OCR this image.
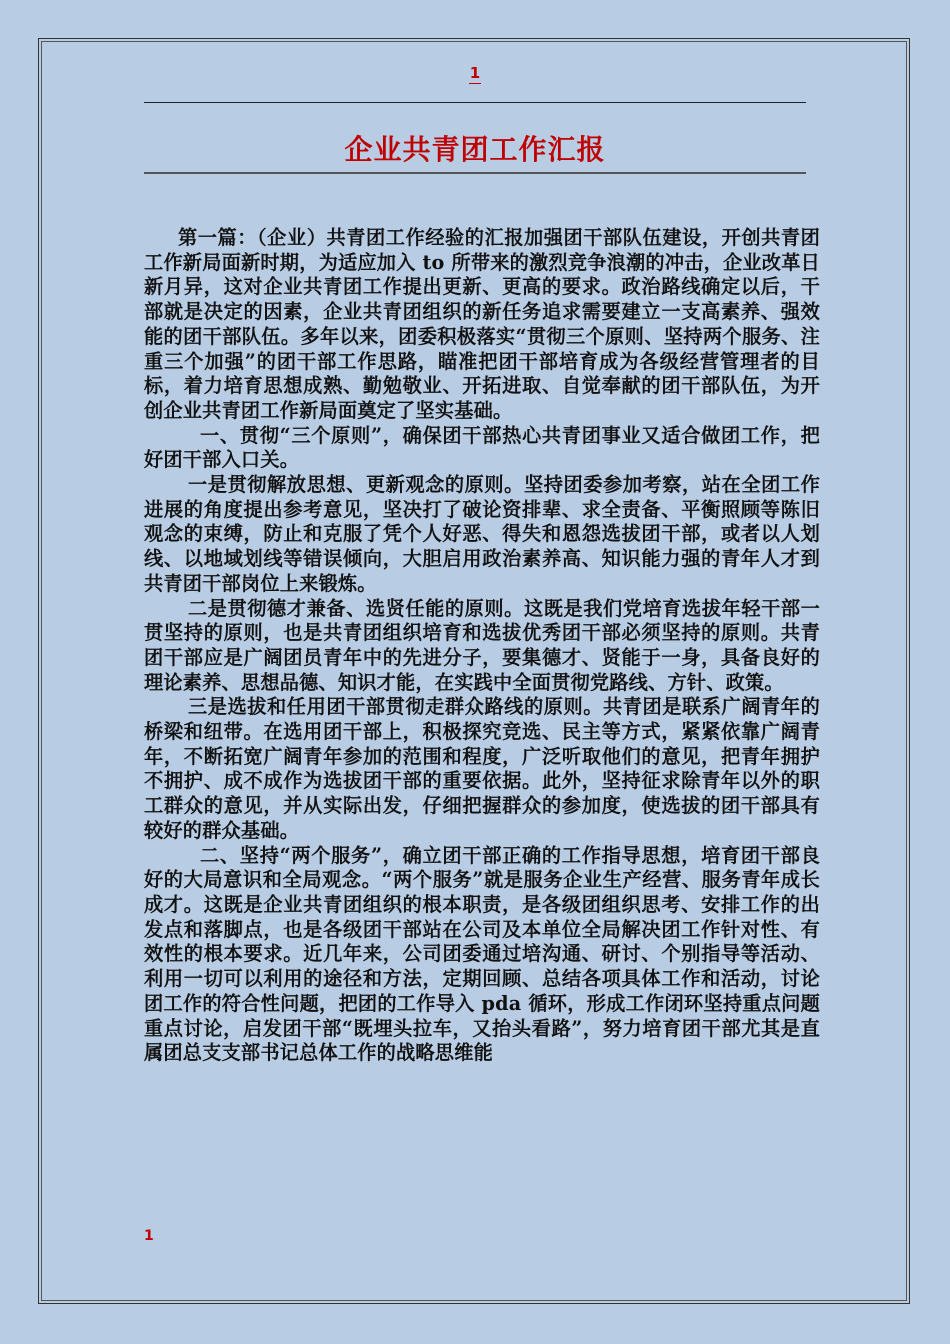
1
企业共青团工作汇报

第一篇：（企业）共青团工作经验的汇报加强团干部队伍建设，开创共青团工作新局面新时期，为适应加入 to 所带来的激烈竞争浪潮的冲击，企业改革日新月异，这对企业共青团工作提出更新、更高的要求。政治路线确定以后，干部就是决定的因素，企业共青团组织的新任务追求需要建立一支高素养、强效能的团干部队伍。多年以来，团委积极落实“贯彻三个原则、坚持两个服务、注重三个加强”的团干部工作思路，瞄准把团干部培育成为各级经营管理者的目标，着力培育思想成熟、勤勉敬业、开拓进取、自觉奉献的团干部队伍，为开创企业共青团工作新局面奠定了坚实基础。

一、贯彻“三个原则”，确保团干部热心共青团事业又适合做团工作，把好团干部入口关。

一是贯彻解放思想、更新观念的原则。坚持团委参加考察，站在全团工作进展的角度提出参考意见，坚决打了破论资排辈、求全责备、平衡照顾等陈旧观念的束缚，防止和克服了凭个人好恶、得失和恩怨选拔团干部，或者以人划线、以地域划线等错误倾向，大胆启用政治素养高、知识能力强的青年人才到共青团干部岗位上来锻炼。

二是贯彻德才兼备、选贤任能的原则。这既是我们党培育选拔年轻干部一贯坚持的原则，也是共青团组织培育和选拔优秀团干部必须坚持的原则。共青团干部应是广阔团员青年中的先进分子，要集德才、贤能于一身，具备良好的理论素养、思想品德、知识才能，在实践中全面贯彻党路线、方针、政策。

三是选拔和任用团干部贯彻走群众路线的原则。共青团是联系广阔青年的桥梁和纽带。在选用团干部上，积极探究竞选、民主等方式，紧紧依靠广阔青年，不断拓宽广阔青年参加的范围和程度，广泛听取他们的意见，把青年拥护不拥护、成不成作为选拔团干部的重要依据。此外，坚持征求除青年以外的职工群众的意见，并从实际出发，仔细把握群众的参加度，使选拔的团干部具有较好的群众基础。

二、坚持“两个服务”，确立团干部正确的工作指导思想，培育团干部良好的大局意识和全局观念。“两个服务”就是服务企业生产经营、服务青年成长成才。这既是企业共青团组织的根本职责，是各级团组织思考、安排工作的出发点和落脚点，也是各级团干部站在公司及本单位全局解决团工作针对性、有效性的根本要求。近几年来，公司团委通过培沟通、研讨、个别指导等活动、利用一切可以利用的途径和方法，定期回顾、总结各项具体工作和活动，讨论团工作的符合性问题，把团的工作导入 pda 循环，形成工作闭环坚持重点问题重点讨论，启发团干部“既埋头拉车，又抬头看路”，努力培育团干部尤其是直属团总支支部书记总体工作的战略思维能

1
